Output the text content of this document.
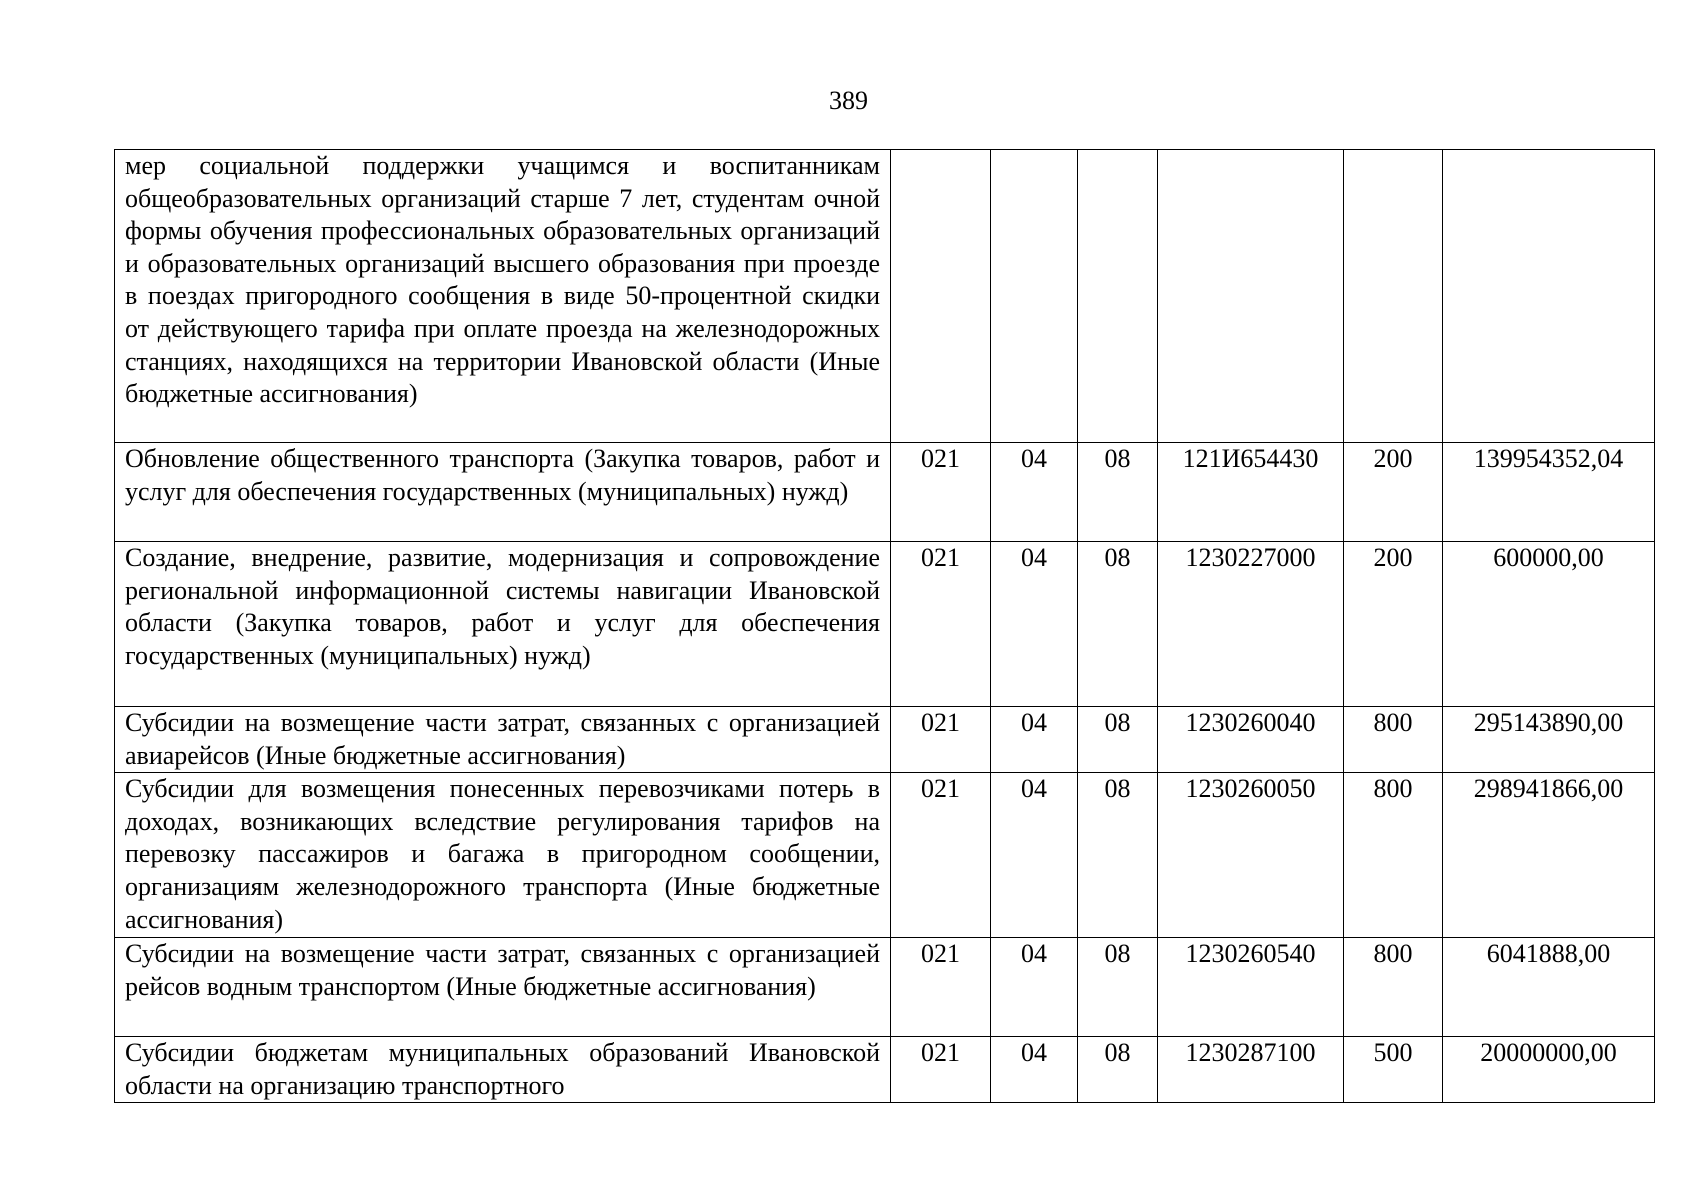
389
мер социальной поддержки учащимся и воспитанникам общеобразовательных организаций старше 7 лет, студентам очной формы обучения профессиональных образовательных организаций и образовательных организаций высшего образования при проезде в поездах пригородного сообщения в виде 50-процентной скидки от действующего тарифа при оплате проезда на железнодорожных станциях, находящихся на территории Ивановской области (Иные бюджетные ассигнования)						
Обновление общественного транспорта (Закупка товаров, работ и услуг для обеспечения государственных (муниципальных) нужд)	021	04	08	121И654430	200	139954352,04
Создание, внедрение, развитие, модернизация и сопровождение региональной информационной системы навигации Ивановской области (Закупка товаров, работ и услуг для обеспечения государственных (муниципальных) нужд)	021	04	08	1230227000	200	600000,00
Субсидии на возмещение части затрат, связанных с организацией авиарейсов (Иные бюджетные ассигнования)	021	04	08	1230260040	800	295143890,00
Субсидии для возмещения понесенных перевозчиками потерь в доходах, возникающих вследствие регулирования тарифов на перевозку пассажиров и багажа в пригородном сообщении, организациям железнодорожного транспорта (Иные бюджетные ассигнования)	021	04	08	1230260050	800	298941866,00
Субсидии на возмещение части затрат, связанных с организацией рейсов водным транспортом (Иные бюджетные ассигнования)	021	04	08	1230260540	800	6041888,00
Субсидии бюджетам муниципальных образований Ивановской области на организацию транспортного	021	04	08	1230287100	500	20000000,00
